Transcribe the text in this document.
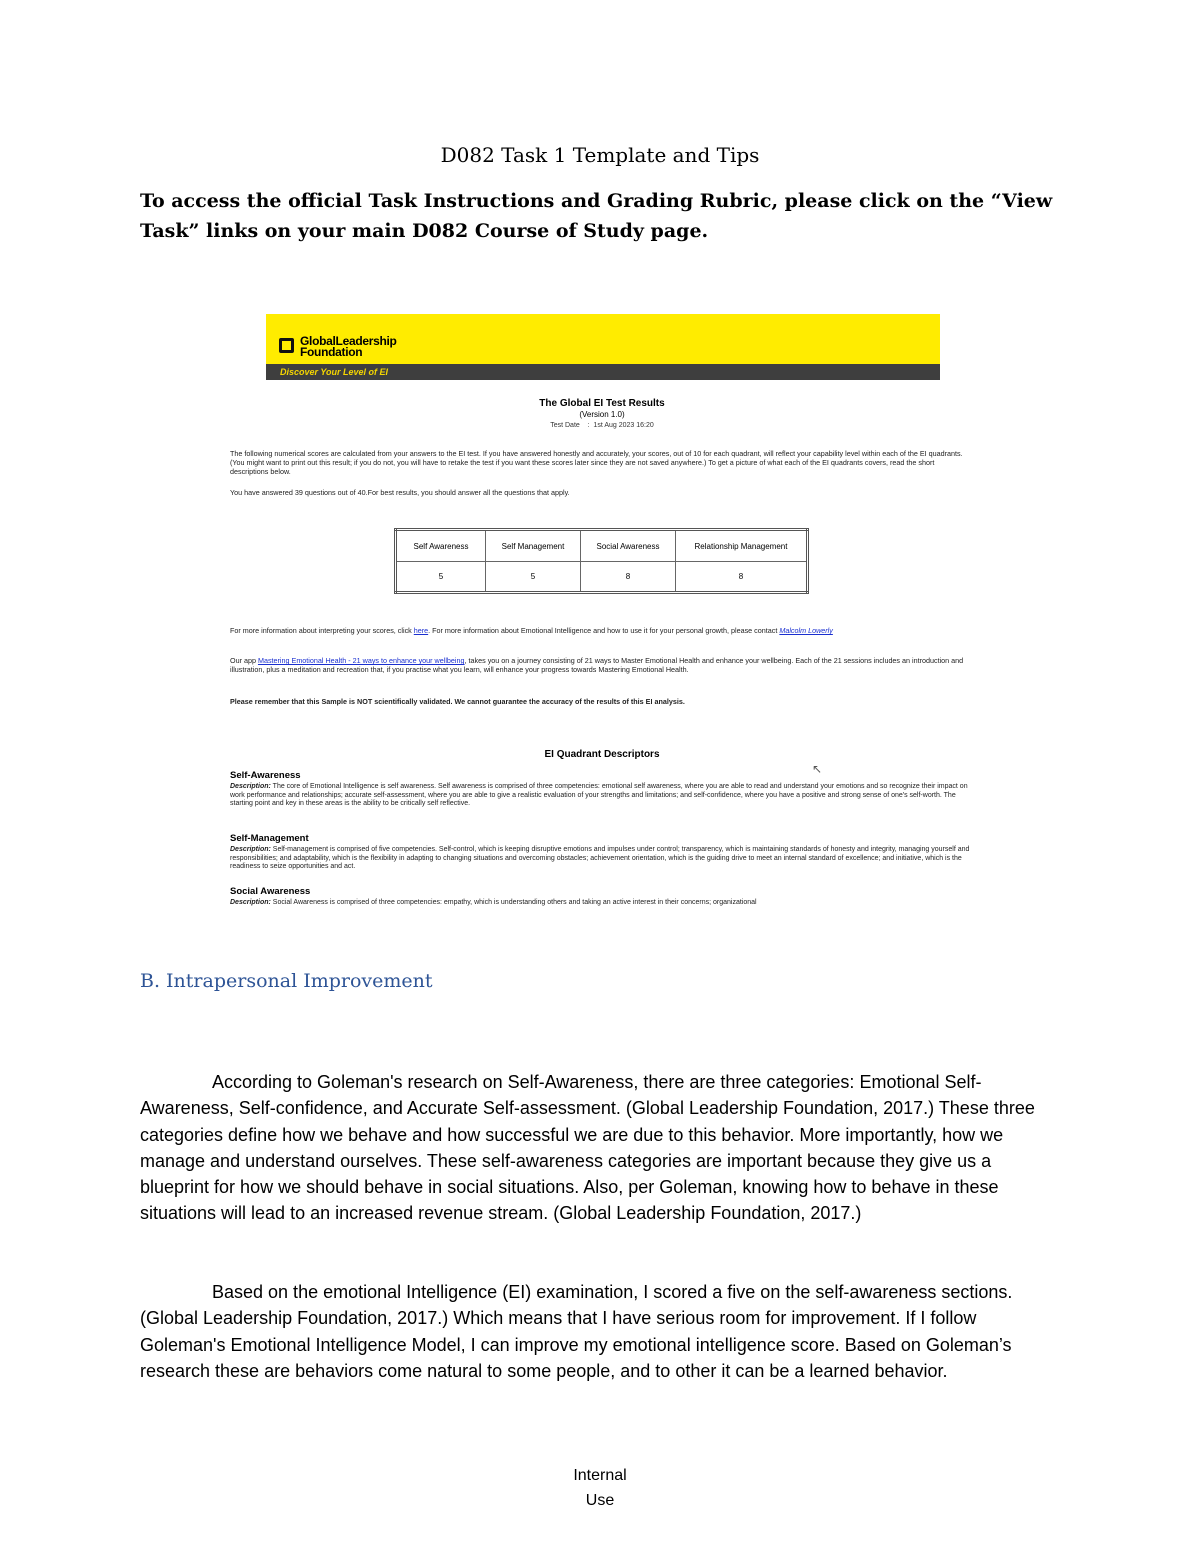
D082 Task 1 Template and Tips

To access the official Task Instructions and Grading Rubric, please click on the “View Task” links on your main D082 Course of Study page.

GlobalLeadership
Foundation
Discover Your Level of EI
The Global EI Test Results
(Version 1.0)
Test Date    :  1st Aug 2023 16:20

The following numerical scores are calculated from your answers to the EI test. If you have answered honestly and accurately, your scores, out of 10 for each quadrant, will reflect your capability level within each of the EI quadrants. (You might want to print out this result; if you do not, you will have to retake the test if you want these scores later since they are not saved anywhere.) To get a picture of what each of the EI quadrants covers, read the short descriptions below.

You have answered 39 questions out of 40.For best results, you should answer all the questions that apply.

Self Awareness	Self Management	Social Awareness	Relationship Management
5	5	8	8

For more information about interpreting your scores, click here. For more information about Emotional Intelligence and how to use it for your personal growth, please contact Malcolm Lowerly

Our app Mastering Emotional Health - 21 ways to enhance your wellbeing, takes you on a journey consisting of 21 ways to Master Emotional Health and enhance your wellbeing. Each of the 21 sessions includes an introduction and illustration, plus a meditation and recreation that, if you practise what you learn, will enhance your progress towards Mastering Emotional Health.

Please remember that this Sample is NOT scientifically validated. We cannot guarantee the accuracy of the results of this EI analysis.

EI Quadrant Descriptors
↖
Self-Awareness

Description: The core of Emotional Intelligence is self awareness. Self awareness is comprised of three competencies: emotional self awareness, where you are able to read and understand your emotions and so recognize their impact on work performance and relationships; accurate self-assessment, where you are able to give a realistic evaluation of your strengths and limitations; and self-confidence, where you have a positive and strong sense of one's self-worth. The starting point and key in these areas is the ability to be critically self reflective.

Self-Management

Description: Self-management is comprised of five competencies. Self-control, which is keeping disruptive emotions and impulses under control; transparency, which is maintaining standards of honesty and integrity, managing yourself and responsibilities; and adaptability, which is the flexibility in adapting to changing situations and overcoming obstacles; achievement orientation, which is the guiding drive to meet an internal standard of excellence; and initiative, which is the readiness to seize opportunities and act.

Social Awareness

Description: Social Awareness is comprised of three competencies: empathy, which is understanding others and taking an active interest in their concerns; organizational

B. Intrapersonal Improvement

According to Goleman's research on Self-Awareness, there are three categories: Emotional Self-Awareness, Self-confidence, and Accurate Self-assessment. (Global Leadership Foundation, 2017.) These three categories define how we behave and how successful we are due to this behavior. More importantly, how we manage and understand ourselves. These self-awareness categories are important because they give us a blueprint for how we should behave in social situations. Also, per Goleman, knowing how to behave in these situations will lead to an increased revenue stream. (Global Leadership Foundation, 2017.)

Based on the emotional Intelligence (EI) examination, I scored a five on the self-awareness sections. (Global Leadership Foundation, 2017.) Which means that I have serious room for improvement. If I follow Goleman's Emotional Intelligence Model, I can improve my emotional intelligence score. Based on Goleman’s research these are behaviors come natural to some people, and to other it can be a learned behavior.

Internal
Use
